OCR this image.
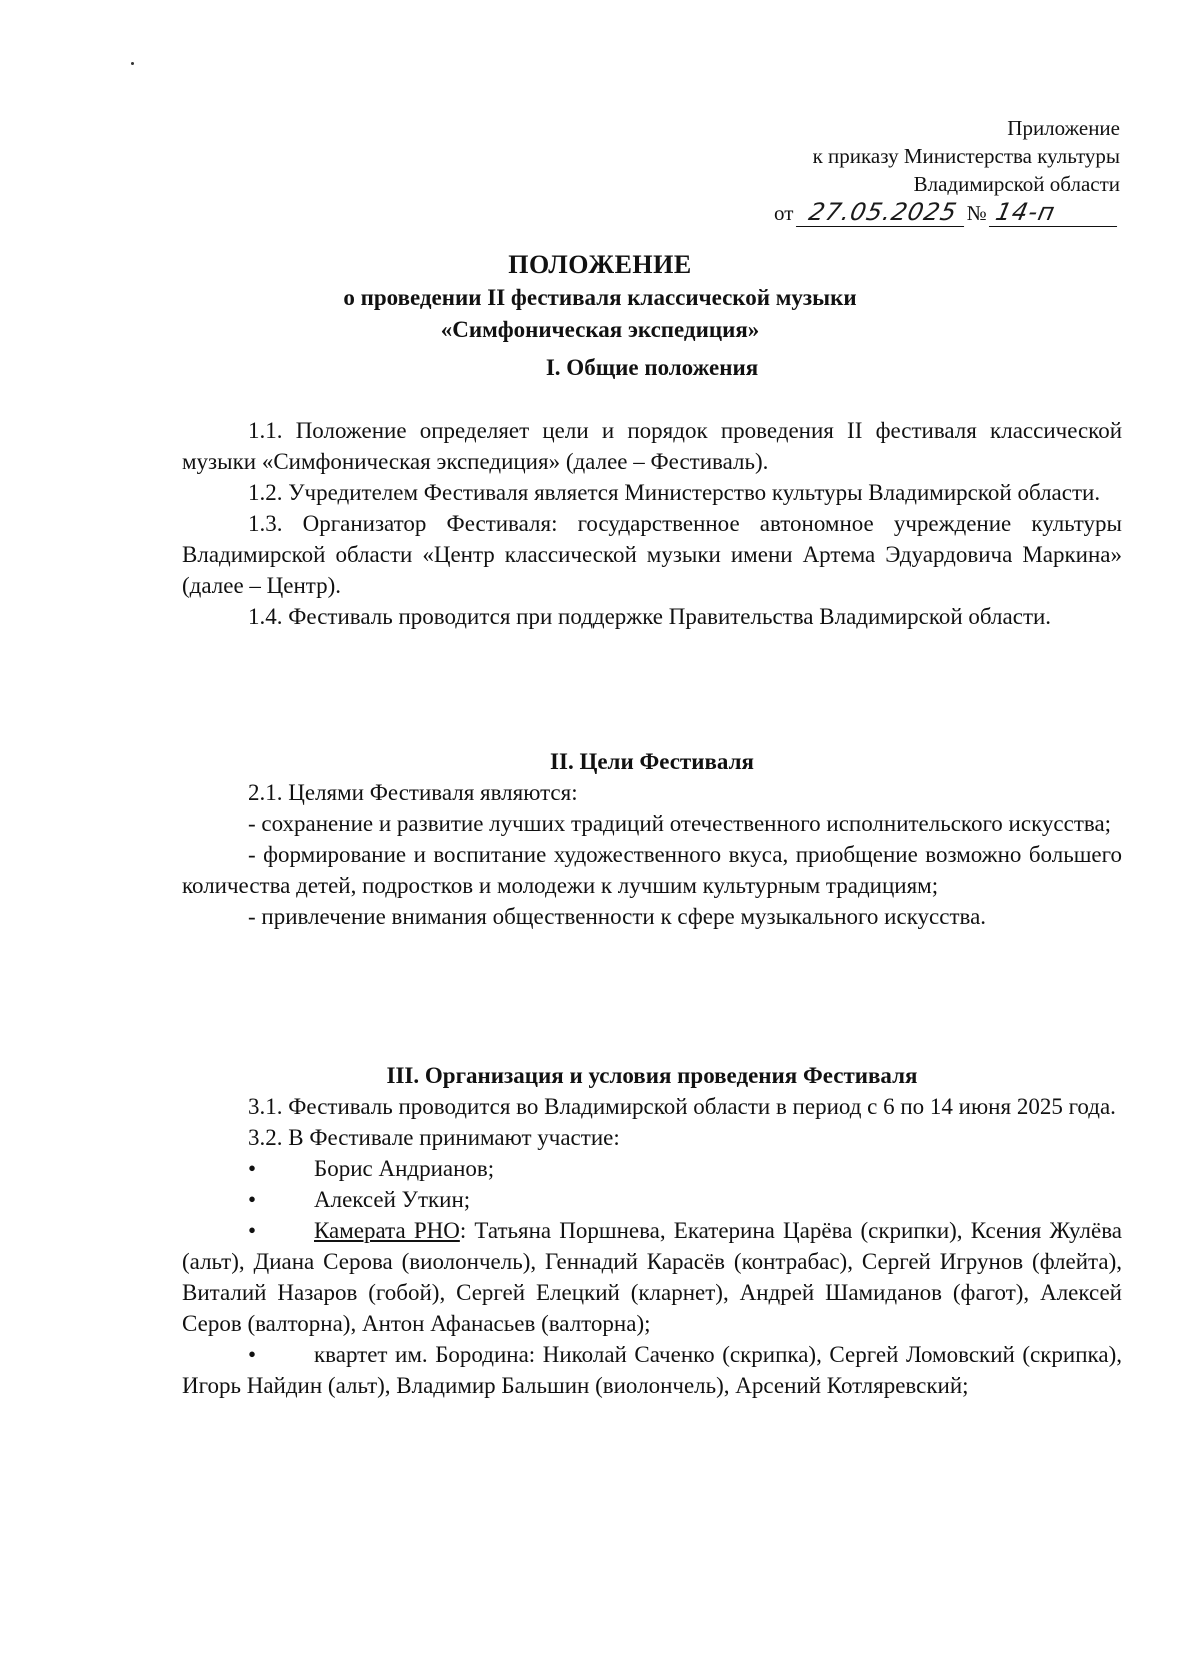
Приложение
к приказу Министерства культуры
Владимирской области
от
27.05.2025 №
14-п
ПОЛОЖЕНИЕ
о проведении II фестиваля классической музыки
«Симфоническая экспедиция»
I. Общие положения

1.1. Положение определяет цели и порядок проведения II фестиваля классической музыки «Симфоническая экспедиция» (далее – Фестиваль).

1.2. Учредителем Фестиваля является Министерство культуры Владимирской области.

1.3. Организатор Фестиваля: государственное автономное учреждение культуры Владимирской области «Центр классической музыки имени Артема Эдуардовича Маркина» (далее – Центр).

1.4. Фестиваль проводится при поддержке Правительства Владимирской области.

II. Цели Фестиваля

2.1. Целями Фестиваля являются:

- сохранение и развитие лучших традиций отечественного исполнительского искусства;

- формирование и воспитание художественного вкуса, приобщение возможно большего количества детей, подростков и молодежи к лучшим культурным традициям;

- привлечение внимания общественности к сфере музыкального искусства.

III. Организация и условия проведения Фестиваля

3.1. Фестиваль проводится во Владимирской области в период с 6 по 14 июня 2025 года.

3.2. В Фестивале принимают участие:

•	Борис Андрианов;

•	Алексей Уткин;

•	Камерата РНО: Татьяна Поршнева, Екатерина Царёва (скрипки), Ксения Жулёва (альт), Диана Серова (виолончель), Геннадий Карасёв (контрабас), Сергей Игрунов (флейта), Виталий Назаров (гобой), Сергей Елецкий (кларнет), Андрей Шамиданов (фагот), Алексей Серов (валторна), Антон Афанасьев (валторна);

•	квартет им. Бородина: Николай Саченко (скрипка), Сергей Ломовский (скрипка), Игорь Найдин (альт), Владимир Бальшин (виолончель), Арсений Котляревский;
